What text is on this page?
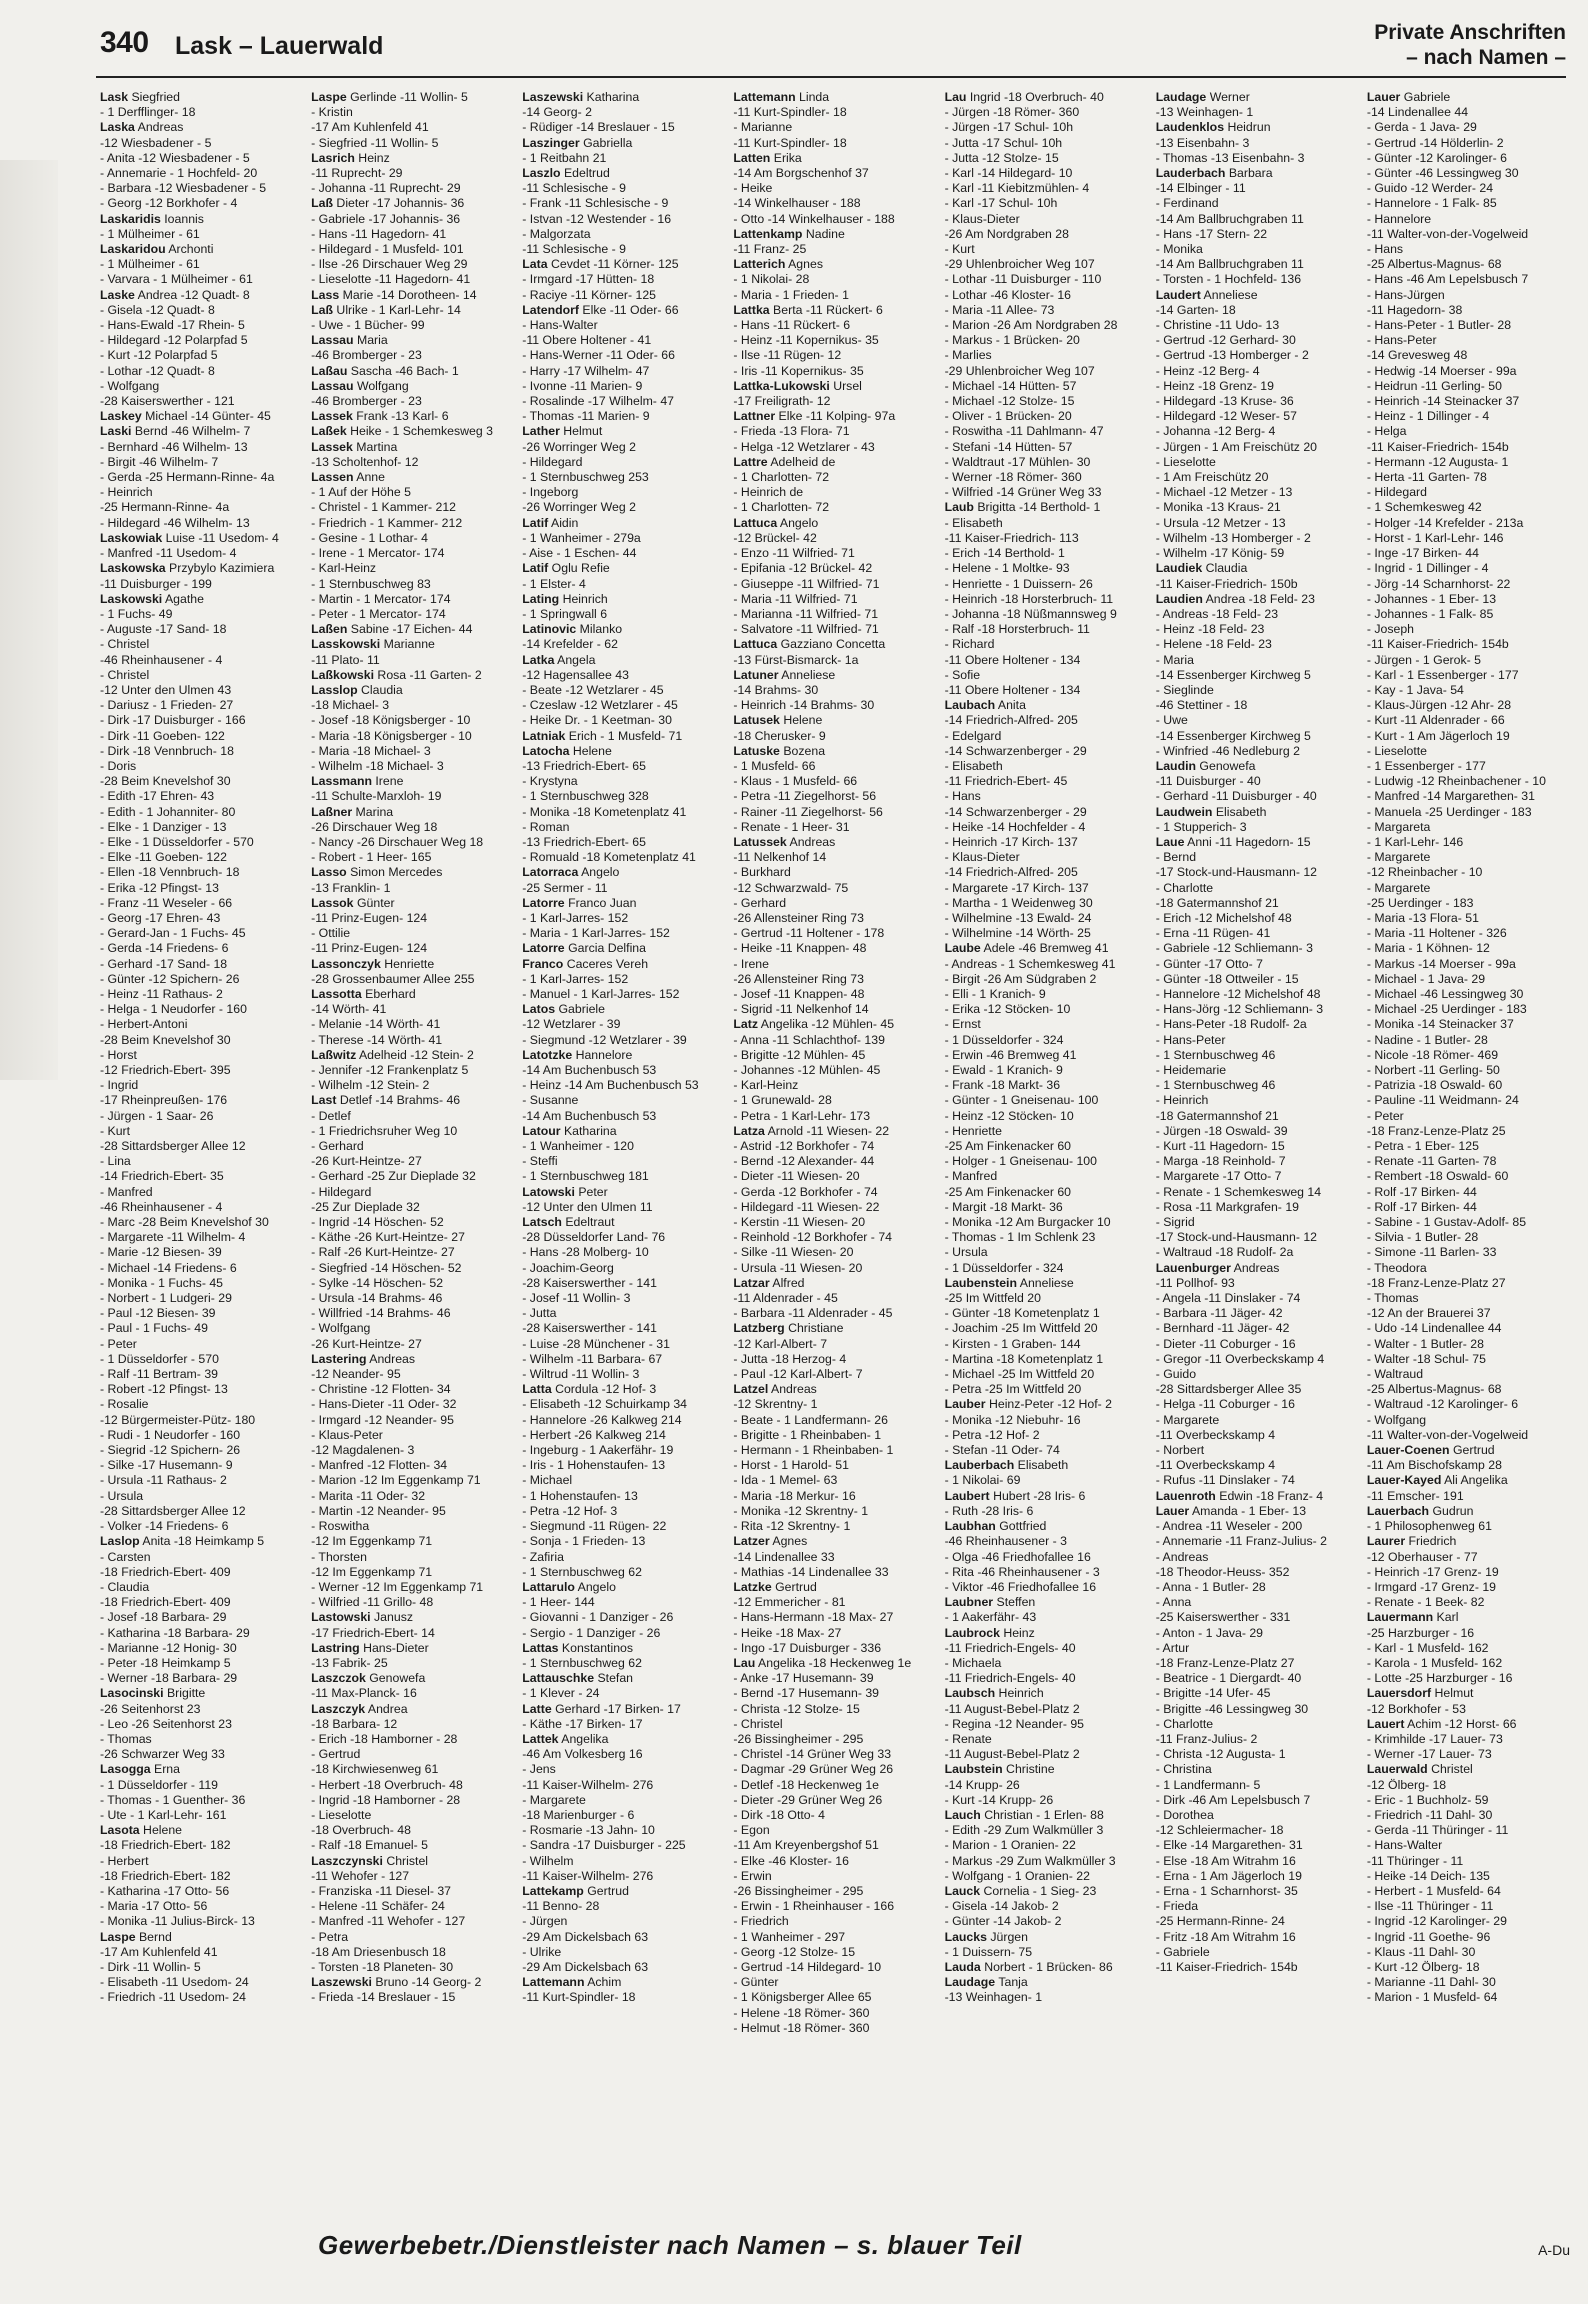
340 Lask – Lauerwald	Private Anschriften
– nach Namen –
Lask Siegfried
- 1 Derfflinger- 18
Laska Andreas
-12 Wiesbadener - 5
- Anita -12 Wiesbadener - 5
- Annemarie - 1 Hochfeld- 20
- Barbara -12 Wiesbadener - 5
- Georg -12 Borkhofer - 4
Laskaridis Ioannis
- 1 Mülheimer - 61
Laskaridou Archonti
- 1 Mülheimer - 61
- Varvara - 1 Mülheimer - 61
Laske Andrea -12 Quadt- 8
- Gisela -12 Quadt- 8
- Hans-Ewald -17 Rhein- 5
- Hildegard -12 Polarpfad 5
- Kurt -12 Polarpfad 5
- Lothar -12 Quadt- 8
- Wolfgang
-28 Kaiserswerther - 121
Laskey Michael -14 Günter- 45
Laski Bernd -46 Wilhelm- 7
- Bernhard -46 Wilhelm- 13
- Birgit -46 Wilhelm- 7
- Gerda -25 Hermann-Rinne- 4a
- Heinrich
-25 Hermann-Rinne- 4a
- Hildegard -46 Wilhelm- 13
Laskowiak Luise -11 Usedom- 4
- Manfred -11 Usedom- 4
Laskowska Przybylo Kazimiera
-11 Duisburger - 199
Laskowski Agathe
- 1 Fuchs- 49
- Auguste -17 Sand- 18
- Christel
-46 Rheinhausener - 4
- Christel
-12 Unter den Ulmen 43
- Dariusz - 1 Frieden- 27
- Dirk -17 Duisburger - 166
- Dirk -11 Goeben- 122
- Dirk -18 Vennbruch- 18
- Doris
-28 Beim Knevelshof 30
- Edith -17 Ehren- 43
- Edith - 1 Johanniter- 80
- Elke - 1 Danziger - 13
- Elke - 1 Düsseldorfer - 570
- Elke -11 Goeben- 122
- Ellen -18 Vennbruch- 18
- Erika -12 Pfingst- 13
- Franz -11 Weseler - 66
- Georg -17 Ehren- 43
- Gerard-Jan - 1 Fuchs- 45
- Gerda -14 Friedens- 6
- Gerhard -17 Sand- 18
- Günter -12 Spichern- 26
- Heinz -11 Rathaus- 2
- Helga - 1 Neudorfer - 160
- Herbert-Antoni
-28 Beim Knevelshof 30
- Horst
-12 Friedrich-Ebert- 395
- Ingrid
-17 Rheinpreußen- 176
- Jürgen - 1 Saar- 26
- Kurt
-28 Sittardsberger Allee 12
- Lina
-14 Friedrich-Ebert- 35
- Manfred
-46 Rheinhausener - 4
- Marc -28 Beim Knevelshof 30
- Margarete -11 Wilhelm- 4
- Marie -12 Biesen- 39
- Michael -14 Friedens- 6
- Monika - 1 Fuchs- 45
- Norbert - 1 Ludgeri- 29
- Paul -12 Biesen- 39
- Paul - 1 Fuchs- 49
- Peter
- 1 Düsseldorfer - 570
- Ralf -11 Bertram- 39
- Robert -12 Pfingst- 13
- Rosalie
-12 Bürgermeister-Pütz- 180
- Rudi - 1 Neudorfer - 160
- Siegrid -12 Spichern- 26
- Silke -17 Husemann- 9
- Ursula -11 Rathaus- 2
- Ursula
-28 Sittardsberger Allee 12
- Volker -14 Friedens- 6
Laslop Anita -18 Heimkamp 5
- Carsten
-18 Friedrich-Ebert- 409
- Claudia
-18 Friedrich-Ebert- 409
- Josef -18 Barbara- 29
- Katharina -18 Barbara- 29
- Marianne -12 Honig- 30
- Peter -18 Heimkamp 5
- Werner -18 Barbara- 29
Lasocinski Brigitte
-26 Seitenhorst 23
- Leo -26 Seitenhorst 23
- Thomas
-26 Schwarzer Weg 33
Lasogga Erna
- 1 Düsseldorfer - 119
- Thomas - 1 Guenther- 36
- Ute - 1 Karl-Lehr- 161
Lasota Helene
-18 Friedrich-Ebert- 182
- Herbert
-18 Friedrich-Ebert- 182
- Katharina -17 Otto- 56
- Maria -17 Otto- 56
- Monika -11 Julius-Birck- 13
Laspe Bernd
-17 Am Kuhlenfeld 41
- Dirk -11 Wollin- 5
- Elisabeth -11 Usedom- 24
- Friedrich -11 Usedom- 24
Laspe Gerlinde -11 Wollin- 5
- Kristin
-17 Am Kuhlenfeld 41
- Siegfried -11 Wollin- 5
Lasrich Heinz
-11 Ruprecht- 29
- Johanna -11 Ruprecht- 29
Laß Dieter -17 Johannis- 36
- Gabriele -17 Johannis- 36
- Hans -11 Hagedorn- 41
- Hildegard - 1 Musfeld- 101
- Ilse -26 Dirschauer Weg 29
- Lieselotte -11 Hagedorn- 41
Lass Marie -14 Dorotheen- 14
Laß Ulrike - 1 Karl-Lehr- 14
- Uwe - 1 Bücher- 99
Lassau Maria
-46 Bromberger - 23
Laßau Sascha -46 Bach- 1
Lassau Wolfgang
-46 Bromberger - 23
Lassek Frank -13 Karl- 6
Laßek Heike - 1 Schemkesweg 3
Lassek Martina
-13 Scholtenhof- 12
Lassen Anne
- 1 Auf der Höhe 5
- Christel - 1 Kammer- 212
- Friedrich - 1 Kammer- 212
- Gesine - 1 Lothar- 4
- Irene - 1 Mercator- 174
- Karl-Heinz
- 1 Sternbuschweg 83
- Martin - 1 Mercator- 174
- Peter - 1 Mercator- 174
Laßen Sabine -17 Eichen- 44
Lasskowski Marianne
-11 Plato- 11
Laßkowski Rosa -11 Garten- 2
Lasslop Claudia
-18 Michael- 3
- Josef -18 Königsberger - 10
- Maria -18 Königsberger - 10
- Maria -18 Michael- 3
- Wilhelm -18 Michael- 3
Lassmann Irene
-11 Schulte-Marxloh- 19
Laßner Marina
-26 Dirschauer Weg 18
- Nancy -26 Dirschauer Weg 18
- Robert - 1 Heer- 165
Lasso Simon Mercedes
-13 Franklin- 1
Lassok Günter
-11 Prinz-Eugen- 124
- Ottilie
-11 Prinz-Eugen- 124
Lassonczyk Henriette
-28 Grossenbaumer Allee 255
Lassotta Eberhard
-14 Wörth- 41
- Melanie -14 Wörth- 41
- Therese -14 Wörth- 41
Laßwitz Adelheid -12 Stein- 2
- Jennifer -12 Frankenplatz 5
- Wilhelm -12 Stein- 2
Last Detlef -14 Brahms- 46
- Detlef
- 1 Friedrichsruher Weg 10
- Gerhard
-26 Kurt-Heintze- 27
- Gerhard -25 Zur Dieplade 32
- Hildegard
-25 Zur Dieplade 32
- Ingrid -14 Höschen- 52
- Käthe -26 Kurt-Heintze- 27
- Ralf -26 Kurt-Heintze- 27
- Siegfried -14 Höschen- 52
- Sylke -14 Höschen- 52
- Ursula -14 Brahms- 46
- Willfried -14 Brahms- 46
- Wolfgang
-26 Kurt-Heintze- 27
Lastering Andreas
-12 Neander- 95
- Christine -12 Flotten- 34
- Hans-Dieter -11 Oder- 32
- Irmgard -12 Neander- 95
- Klaus-Peter
-12 Magdalenen- 3
- Manfred -12 Flotten- 34
- Marion -12 Im Eggenkamp 71
- Marita -11 Oder- 32
- Martin -12 Neander- 95
- Roswitha
-12 Im Eggenkamp 71
- Thorsten
-12 Im Eggenkamp 71
- Werner -12 Im Eggenkamp 71
- Wilfried -11 Grillo- 48
Lastowski Janusz
-17 Friedrich-Ebert- 14
Lastring Hans-Dieter
-13 Fabrik- 25
Laszczok Genowefa
-11 Max-Planck- 16
Laszczyk Andrea
-18 Barbara- 12
- Erich -18 Hamborner - 28
- Gertrud
-18 Kirchwiesenweg 61
- Herbert -18 Overbruch- 48
- Ingrid -18 Hamborner - 28
- Lieselotte
-18 Overbruch- 48
- Ralf -18 Emanuel- 5
Laszczynski Christel
-11 Wehofer - 127
- Franziska -11 Diesel- 37
- Helene -11 Schäfer- 24
- Manfred -11 Wehofer - 127
- Petra
-18 Am Driesenbusch 18
- Torsten -18 Planeten- 30
Laszewski Bruno -14 Georg- 2
- Frieda -14 Breslauer - 15
Laszewski Katharina
-14 Georg- 2
- Rüdiger -14 Breslauer - 15
Laszinger Gabriella
- 1 Reitbahn 21
Laszlo Edeltrud
-11 Schlesische - 9
- Frank -11 Schlesische - 9
- Istvan -12 Westender - 16
- Malgorzata
-11 Schlesische - 9
Lata Cevdet -11 Körner- 125
- Irmgard -17 Hütten- 18
- Raciye -11 Körner- 125
Latendorf Elke -11 Oder- 66
- Hans-Walter
-11 Obere Holtener - 41
- Hans-Werner -11 Oder- 66
- Harry -17 Wilhelm- 47
- Ivonne -11 Marien- 9
- Rosalinde -17 Wilhelm- 47
- Thomas -11 Marien- 9
Lather Helmut
-26 Worringer Weg 2
- Hildegard
- 1 Sternbuschweg 253
- Ingeborg
-26 Worringer Weg 2
Latif Aidin
- 1 Wanheimer - 279a
- Aise - 1 Eschen- 44
Latif Oglu Refie
- 1 Elster- 4
Lating Heinrich
- 1 Springwall 6
Latinovic Milanko
-14 Krefelder - 62
Latka Angela
-12 Hagensallee 43
- Beate -12 Wetzlarer - 45
- Czeslaw -12 Wetzlarer - 45
- Heike Dr. - 1 Keetman- 30
Latniak Erich - 1 Musfeld- 71
Latocha Helene
-13 Friedrich-Ebert- 65
- Krystyna
- 1 Sternbuschweg 328
- Monika -18 Kometenplatz 41
- Roman
-13 Friedrich-Ebert- 65
- Romuald -18 Kometenplatz 41
Latorraca Angelo
-25 Sermer - 11
Latorre Franco Juan
- 1 Karl-Jarres- 152
- Maria - 1 Karl-Jarres- 152
Latorre Garcia Delfina
Franco Caceres Vereh
- 1 Karl-Jarres- 152
- Manuel - 1 Karl-Jarres- 152
Latos Gabriele
-12 Wetzlarer - 39
- Siegmund -12 Wetzlarer - 39
Latotzke Hannelore
-14 Am Buchenbusch 53
- Heinz -14 Am Buchenbusch 53
- Susanne
-14 Am Buchenbusch 53
Latour Katharina
- 1 Wanheimer - 120
- Steffi
- 1 Sternbuschweg 181
Latowski Peter
-12 Unter den Ulmen 11
Latsch Edeltraut
-28 Düsseldorfer Land- 76
- Hans -28 Molberg- 10
- Joachim-Georg
-28 Kaiserswerther - 141
- Josef -11 Wollin- 3
- Jutta
-28 Kaiserswerther - 141
- Luise -28 Münchener - 31
- Wilhelm -11 Barbara- 67
- Wiltrud -11 Wollin- 3
Latta Cordula -12 Hof- 3
- Elisabeth -12 Schuirkamp 34
- Hannelore -26 Kalkweg 214
- Herbert -26 Kalkweg 214
- Ingeburg - 1 Aakerfähr- 19
- Iris - 1 Hohenstaufen- 13
- Michael
- 1 Hohenstaufen- 13
- Petra -12 Hof- 3
- Siegmund -11 Rügen- 22
- Sonja - 1 Frieden- 13
- Zafiria
- 1 Sternbuschweg 62
Lattarulo Angelo
- 1 Heer- 144
- Giovanni - 1 Danziger - 26
- Sergio - 1 Danziger - 26
Lattas Konstantinos
- 1 Sternbuschweg 62
Lattauschke Stefan
- 1 Klever - 24
Latte Gerhard -17 Birken- 17
- Käthe -17 Birken- 17
Lattek Angelika
-46 Am Volkesberg 16
- Jens
-11 Kaiser-Wilhelm- 276
- Margarete
-18 Marienburger - 6
- Rosmarie -13 Jahn- 10
- Sandra -17 Duisburger - 225
- Wilhelm
-11 Kaiser-Wilhelm- 276
Lattekamp Gertrud
-11 Benno- 28
- Jürgen
-29 Am Dickelsbach 63
- Ulrike
-29 Am Dickelsbach 63
Lattemann Achim
-11 Kurt-Spindler- 18
Lattemann Linda
-11 Kurt-Spindler- 18
- Marianne
-11 Kurt-Spindler- 18
Latten Erika
-14 Am Borgschenhof 37
- Heike
-14 Winkelhauser - 188
- Otto -14 Winkelhauser - 188
Lattenkamp Nadine
-11 Franz- 25
Latterich Agnes
- 1 Nikolai- 28
- Maria - 1 Frieden- 1
Lattka Berta -11 Rückert- 6
- Hans -11 Rückert- 6
- Heinz -11 Kopernikus- 35
- Ilse -11 Rügen- 12
- Iris -11 Kopernikus- 35
Lattka-Lukowski Ursel
-17 Freiligrath- 12
Lattner Elke -11 Kolping- 97a
- Frieda -13 Flora- 71
- Helga -12 Wetzlarer - 43
Lattre Adelheid de
- 1 Charlotten- 72
- Heinrich de
- 1 Charlotten- 72
Lattuca Angelo
-12 Brückel- 42
- Enzo -11 Wilfried- 71
- Epifania -12 Brückel- 42
- Giuseppe -11 Wilfried- 71
- Maria -11 Wilfried- 71
- Marianna -11 Wilfried- 71
- Salvatore -11 Wilfried- 71
Lattuca Gazziano Concetta
-13 Fürst-Bismarck- 1a
Latuner Anneliese
-14 Brahms- 30
- Heinrich -14 Brahms- 30
Latusek Helene
-18 Cherusker- 9
Latuske Bozena
- 1 Musfeld- 66
- Klaus - 1 Musfeld- 66
- Petra -11 Ziegelhorst- 56
- Rainer -11 Ziegelhorst- 56
- Renate - 1 Heer- 31
Latussek Andreas
-11 Nelkenhof 14
- Burkhard
-12 Schwarzwald- 75
- Gerhard
-26 Allensteiner Ring 73
- Gertrud -11 Holtener - 178
- Heike -11 Knappen- 48
- Irene
-26 Allensteiner Ring 73
- Josef -11 Knappen- 48
- Sigrid -11 Nelkenhof 14
Latz Angelika -12 Mühlen- 45
- Anna -11 Schlachthof- 139
- Brigitte -12 Mühlen- 45
- Johannes -12 Mühlen- 45
- Karl-Heinz
- 1 Grunewald- 28
- Petra - 1 Karl-Lehr- 173
Latza Arnold -11 Wiesen- 22
- Astrid -12 Borkhofer - 74
- Bernd -12 Alexander- 44
- Dieter -11 Wiesen- 20
- Gerda -12 Borkhofer - 74
- Hildegard -11 Wiesen- 22
- Kerstin -11 Wiesen- 20
- Reinhold -12 Borkhofer - 74
- Silke -11 Wiesen- 20
- Ursula -11 Wiesen- 20
Latzar Alfred
-11 Aldenrader - 45
- Barbara -11 Aldenrader - 45
Latzberg Christiane
-12 Karl-Albert- 7
- Jutta -18 Herzog- 4
- Paul -12 Karl-Albert- 7
Latzel Andreas
-12 Skrentny- 1
- Beate - 1 Landfermann- 26
- Brigitte - 1 Rheinbaben- 1
- Hermann - 1 Rheinbaben- 1
- Horst - 1 Harold- 51
- Ida - 1 Memel- 63
- Maria -18 Merkur- 16
- Monika -12 Skrentny- 1
- Rita -12 Skrentny- 1
Latzer Agnes
-14 Lindenallee 33
- Mathias -14 Lindenallee 33
Latzke Gertrud
-12 Emmericher - 81
- Hans-Hermann -18 Max- 27
- Heike -18 Max- 27
- Ingo -17 Duisburger - 336
Lau Angelika -18 Heckenweg 1e
- Anke -17 Husemann- 39
- Bernd -17 Husemann- 39
- Christa -12 Stolze- 15
- Christel
-26 Bissingheimer - 295
- Christel -14 Grüner Weg 33
- Dagmar -29 Grüner Weg 26
- Detlef -18 Heckenweg 1e
- Dieter -29 Grüner Weg 26
- Dirk -18 Otto- 4
- Egon
-11 Am Kreyenbergshof 51
- Elke -46 Kloster- 16
- Erwin
-26 Bissingheimer - 295
- Erwin - 1 Rheinhauser - 166
- Friedrich
- 1 Wanheimer - 297
- Georg -12 Stolze- 15
- Gertrud -14 Hildegard- 10
- Günter
- 1 Königsberger Allee 65
- Helene -18 Römer- 360
- Helmut -18 Römer- 360
Lau Ingrid -18 Overbruch- 40
- Jürgen -18 Römer- 360
- Jürgen -17 Schul- 10h
- Jutta -17 Schul- 10h
- Jutta -12 Stolze- 15
- Karl -14 Hildegard- 10
- Karl -11 Kiebitzmühlen- 4
- Karl -17 Schul- 10h
- Klaus-Dieter
-26 Am Nordgraben 28
- Kurt
-29 Uhlenbroicher Weg 107
- Lothar -11 Duisburger - 110
- Lothar -46 Kloster- 16
- Maria -11 Allee- 73
- Marion -26 Am Nordgraben 28
- Markus - 1 Brücken- 20
- Marlies
-29 Uhlenbroicher Weg 107
- Michael -14 Hütten- 57
- Michael -12 Stolze- 15
- Oliver - 1 Brücken- 20
- Roswitha -11 Dahlmann- 47
- Stefani -14 Hütten- 57
- Waldtraut -17 Mühlen- 30
- Werner -18 Römer- 360
- Wilfried -14 Grüner Weg 33
Laub Brigitta -14 Berthold- 1
- Elisabeth
-11 Kaiser-Friedrich- 113
- Erich -14 Berthold- 1
- Helene - 1 Moltke- 93
- Henriette - 1 Duissern- 26
- Heinrich -18 Horsterbruch- 11
- Johanna -18 Nüßmannsweg 9
- Ralf -18 Horsterbruch- 11
- Richard
-11 Obere Holtener - 134
- Sofie
-11 Obere Holtener - 134
Laubach Anita
-14 Friedrich-Alfred- 205
- Edelgard
-14 Schwarzenberger - 29
- Elisabeth
-11 Friedrich-Ebert- 45
- Hans
-14 Schwarzenberger - 29
- Heike -14 Hochfelder - 4
- Heinrich -17 Kirch- 137
- Klaus-Dieter
-14 Friedrich-Alfred- 205
- Margarete -17 Kirch- 137
- Martha - 1 Weidenweg 30
- Wilhelmine -13 Ewald- 24
- Wilhelmine -14 Wörth- 25
Laube Adele -46 Bremweg 41
- Andreas - 1 Schemkesweg 41
- Birgit -26 Am Südgraben 2
- Elli - 1 Kranich- 9
- Erika -12 Stöcken- 10
- Ernst
- 1 Düsseldorfer - 324
- Erwin -46 Bremweg 41
- Ewald - 1 Kranich- 9
- Frank -18 Markt- 36
- Günter - 1 Gneisenau- 100
- Heinz -12 Stöcken- 10
- Henriette
-25 Am Finkenacker 60
- Holger - 1 Gneisenau- 100
- Manfred
-25 Am Finkenacker 60
- Margit -18 Markt- 36
- Monika -12 Am Burgacker 10
- Thomas - 1 Im Schlenk 23
- Ursula
- 1 Düsseldorfer - 324
Laubenstein Anneliese
-25 Im Wittfeld 20
- Günter -18 Kometenplatz 1
- Joachim -25 Im Wittfeld 20
- Kirsten - 1 Graben- 144
- Martina -18 Kometenplatz 1
- Michael -25 Im Wittfeld 20
- Petra -25 Im Wittfeld 20
Lauber Heinz-Peter -12 Hof- 2
- Monika -12 Niebuhr- 16
- Petra -12 Hof- 2
- Stefan -11 Oder- 74
Lauberbach Elisabeth
- 1 Nikolai- 69
Laubert Hubert -28 Iris- 6
- Ruth -28 Iris- 6
Laubhan Gottfried
-46 Rheinhausener - 3
- Olga -46 Friedhofallee 16
- Rita -46 Rheinhausener - 3
- Viktor -46 Friedhofallee 16
Laubner Steffen
- 1 Aakerfähr- 43
Laubrock Heinz
-11 Friedrich-Engels- 40
- Michaela
-11 Friedrich-Engels- 40
Laubsch Heinrich
-11 August-Bebel-Platz 2
- Regina -12 Neander- 95
- Renate
-11 August-Bebel-Platz 2
Laubstein Christine
-14 Krupp- 26
- Kurt -14 Krupp- 26
Lauch Christian - 1 Erlen- 88
- Edith -29 Zum Walkmüller 3
- Marion - 1 Oranien- 22
- Markus -29 Zum Walkmüller 3
- Wolfgang - 1 Oranien- 22
Lauck Cornelia - 1 Sieg- 23
- Gisela -14 Jakob- 2
- Günter -14 Jakob- 2
Laucks Jürgen
- 1 Duissern- 75
Lauda Norbert - 1 Brücken- 86
Laudage Tanja
-13 Weinhagen- 1
Laudage Werner
-13 Weinhagen- 1
Laudenklos Heidrun
-13 Eisenbahn- 3
- Thomas -13 Eisenbahn- 3
Lauderbach Barbara
-14 Elbinger - 11
- Ferdinand
-14 Am Ballbruchgraben 11
- Hans -17 Stern- 22
- Monika
-14 Am Ballbruchgraben 11
- Torsten - 1 Hochfeld- 136
Laudert Anneliese
-14 Garten- 18
- Christine -11 Udo- 13
- Gertrud -12 Gerhard- 30
- Gertrud -13 Homberger - 2
- Heinz -12 Berg- 4
- Heinz -18 Grenz- 19
- Hildegard -13 Kruse- 36
- Hildegard -12 Weser- 57
- Johanna -12 Berg- 4
- Jürgen - 1 Am Freischütz 20
- Lieselotte
- 1 Am Freischütz 20
- Michael -12 Metzer - 13
- Monika -13 Kraus- 21
- Ursula -12 Metzer - 13
- Wilhelm -13 Homberger - 2
- Wilhelm -17 König- 59
Laudiek Claudia
-11 Kaiser-Friedrich- 150b
Laudien Andrea -18 Feld- 23
- Andreas -18 Feld- 23
- Heinz -18 Feld- 23
- Helene -18 Feld- 23
- Maria
-14 Essenberger Kirchweg 5
- Sieglinde
-46 Stettiner - 18
- Uwe
-14 Essenberger Kirchweg 5
- Winfried -46 Nedleburg 2
Laudin Genowefa
-11 Duisburger - 40
- Gerhard -11 Duisburger - 40
Laudwein Elisabeth
- 1 Stupperich- 3
Laue Anni -11 Hagedorn- 15
- Bernd
-17 Stock-und-Hausmann- 12
- Charlotte
-18 Gatermannshof 21
- Erich -12 Michelshof 48
- Erna -11 Rügen- 41
- Gabriele -12 Schliemann- 3
- Günter -17 Otto- 7
- Günter -18 Ottweiler - 15
- Hannelore -12 Michelshof 48
- Hans-Jörg -12 Schliemann- 3
- Hans-Peter -18 Rudolf- 2a
- Hans-Peter
- 1 Sternbuschweg 46
- Heidemarie
- 1 Sternbuschweg 46
- Heinrich
-18 Gatermannshof 21
- Jürgen -18 Oswald- 39
- Kurt -11 Hagedorn- 15
- Marga -18 Reinhold- 7
- Margarete -17 Otto- 7
- Renate - 1 Schemkesweg 14
- Rosa -11 Markgrafen- 19
- Sigrid
-17 Stock-und-Hausmann- 12
- Waltraud -18 Rudolf- 2a
Lauenburger Andreas
-11 Pollhof- 93
- Angela -11 Dinslaker - 74
- Barbara -11 Jäger- 42
- Bernhard -11 Jäger- 42
- Dieter -11 Coburger - 16
- Gregor -11 Overbeckskamp 4
- Guido
-28 Sittardsberger Allee 35
- Helga -11 Coburger - 16
- Margarete
-11 Overbeckskamp 4
- Norbert
-11 Overbeckskamp 4
- Rufus -11 Dinslaker - 74
Lauenroth Edwin -18 Franz- 4
Lauer Amanda - 1 Eber- 13
- Andrea -11 Weseler - 200
- Annemarie -11 Franz-Julius- 2
- Andreas
-18 Theodor-Heuss- 352
- Anna - 1 Butler- 28
- Anna
-25 Kaiserswerther - 331
- Anton - 1 Java- 29
- Artur
-18 Franz-Lenze-Platz 27
- Beatrice - 1 Diergardt- 40
- Brigitte -14 Ufer- 45
- Brigitte -46 Lessingweg 30
- Charlotte
-11 Franz-Julius- 2
- Christa -12 Augusta- 1
- Christina
- 1 Landfermann- 5
- Dirk -46 Am Lepelsbusch 7
- Dorothea
-12 Schleiermacher- 18
- Elke -14 Margarethen- 31
- Else -18 Am Witrahm 16
- Erna - 1 Am Jägerloch 19
- Erna - 1 Scharnhorst- 35
- Frieda
-25 Hermann-Rinne- 24
- Fritz -18 Am Witrahm 16
- Gabriele
-11 Kaiser-Friedrich- 154b
Lauer Gabriele
-14 Lindenallee 44
- Gerda - 1 Java- 29
- Gertrud -14 Hölderlin- 2
- Günter -12 Karolinger- 6
- Günter -46 Lessingweg 30
- Guido -12 Werder- 24
- Hannelore - 1 Falk- 85
- Hannelore
-11 Walter-von-der-Vogelweid
- Hans
-25 Albertus-Magnus- 68
- Hans -46 Am Lepelsbusch 7
- Hans-Jürgen
-11 Hagedorn- 38
- Hans-Peter - 1 Butler- 28
- Hans-Peter
-14 Grevesweg 48
- Hedwig -14 Moerser - 99a
- Heidrun -11 Gerling- 50
- Heinrich -14 Steinacker 37
- Heinz - 1 Dillinger - 4
- Helga
-11 Kaiser-Friedrich- 154b
- Hermann -12 Augusta- 1
- Herta -11 Garten- 78
- Hildegard
- 1 Schemkesweg 42
- Holger -14 Krefelder - 213a
- Horst - 1 Karl-Lehr- 146
- Inge -17 Birken- 44
- Ingrid - 1 Dillinger - 4
- Jörg -14 Scharnhorst- 22
- Johannes - 1 Eber- 13
- Johannes - 1 Falk- 85
- Joseph
-11 Kaiser-Friedrich- 154b
- Jürgen - 1 Gerok- 5
- Karl - 1 Essenberger - 177
- Kay - 1 Java- 54
- Klaus-Jürgen -12 Ahr- 28
- Kurt -11 Aldenrader - 66
- Kurt - 1 Am Jägerloch 19
- Lieselotte
- 1 Essenberger - 177
- Ludwig -12 Rheinbachener - 10
- Manfred -14 Margarethen- 31
- Manuela -25 Uerdinger - 183
- Margareta
- 1 Karl-Lehr- 146
- Margarete
-12 Rheinbacher - 10
- Margarete
-25 Uerdinger - 183
- Maria -13 Flora- 51
- Maria -11 Holtener - 326
- Maria - 1 Köhnen- 12
- Markus -14 Moerser - 99a
- Michael - 1 Java- 29
- Michael -46 Lessingweg 30
- Michael -25 Uerdinger - 183
- Monika -14 Steinacker 37
- Nadine - 1 Butler- 28
- Nicole -18 Römer- 469
- Norbert -11 Gerling- 50
- Patrizia -18 Oswald- 60
- Pauline -11 Weidmann- 24
- Peter
-18 Franz-Lenze-Platz 25
- Petra - 1 Eber- 125
- Renate -11 Garten- 78
- Rembert -18 Oswald- 60
- Rolf -17 Birken- 44
- Rolf -17 Birken- 44
- Sabine - 1 Gustav-Adolf- 85
- Silvia - 1 Butler- 28
- Simone -11 Barlen- 33
- Theodora
-18 Franz-Lenze-Platz 27
- Thomas
-12 An der Brauerei 37
- Udo -14 Lindenallee 44
- Walter - 1 Butler- 28
- Walter -18 Schul- 75
- Waltraud
-25 Albertus-Magnus- 68
- Waltraud -12 Karolinger- 6
- Wolfgang
-11 Walter-von-der-Vogelweid
Lauer-Coenen Gertrud
-11 Am Bischofskamp 28
Lauer-Kayed Ali Angelika
-11 Emscher- 191
Lauerbach Gudrun
- 1 Philosophenweg 61
Laurer Friedrich
-12 Oberhauser - 77
- Heinrich -17 Grenz- 19
- Irmgard -17 Grenz- 19
- Renate - 1 Beek- 82
Lauermann Karl
-25 Harzburger - 16
- Karl - 1 Musfeld- 162
- Karola - 1 Musfeld- 162
- Lotte -25 Harzburger - 16
Lauersdorf Helmut
-12 Borkhofer - 53
Lauert Achim -12 Horst- 66
- Krimhilde -17 Lauer- 73
- Werner -17 Lauer- 73
Lauerwald Christel
-12 Ölberg- 18
- Eric - 1 Buchholz- 59
- Friedrich -11 Dahl- 30
- Gerda -11 Thüringer - 11
- Hans-Walter
-11 Thüringer - 11
- Heike -14 Deich- 135
- Herbert - 1 Musfeld- 64
- Ilse -11 Thüringer - 11
- Ingrid -12 Karolinger- 29
- Ingrid -11 Goethe- 96
- Klaus -11 Dahl- 30
- Kurt -12 Ölberg- 18
- Marianne -11 Dahl- 30
- Marion - 1 Musfeld- 64
Gewerbebetr./Dienstleister nach Namen – s. blauer Teil	A-Du
